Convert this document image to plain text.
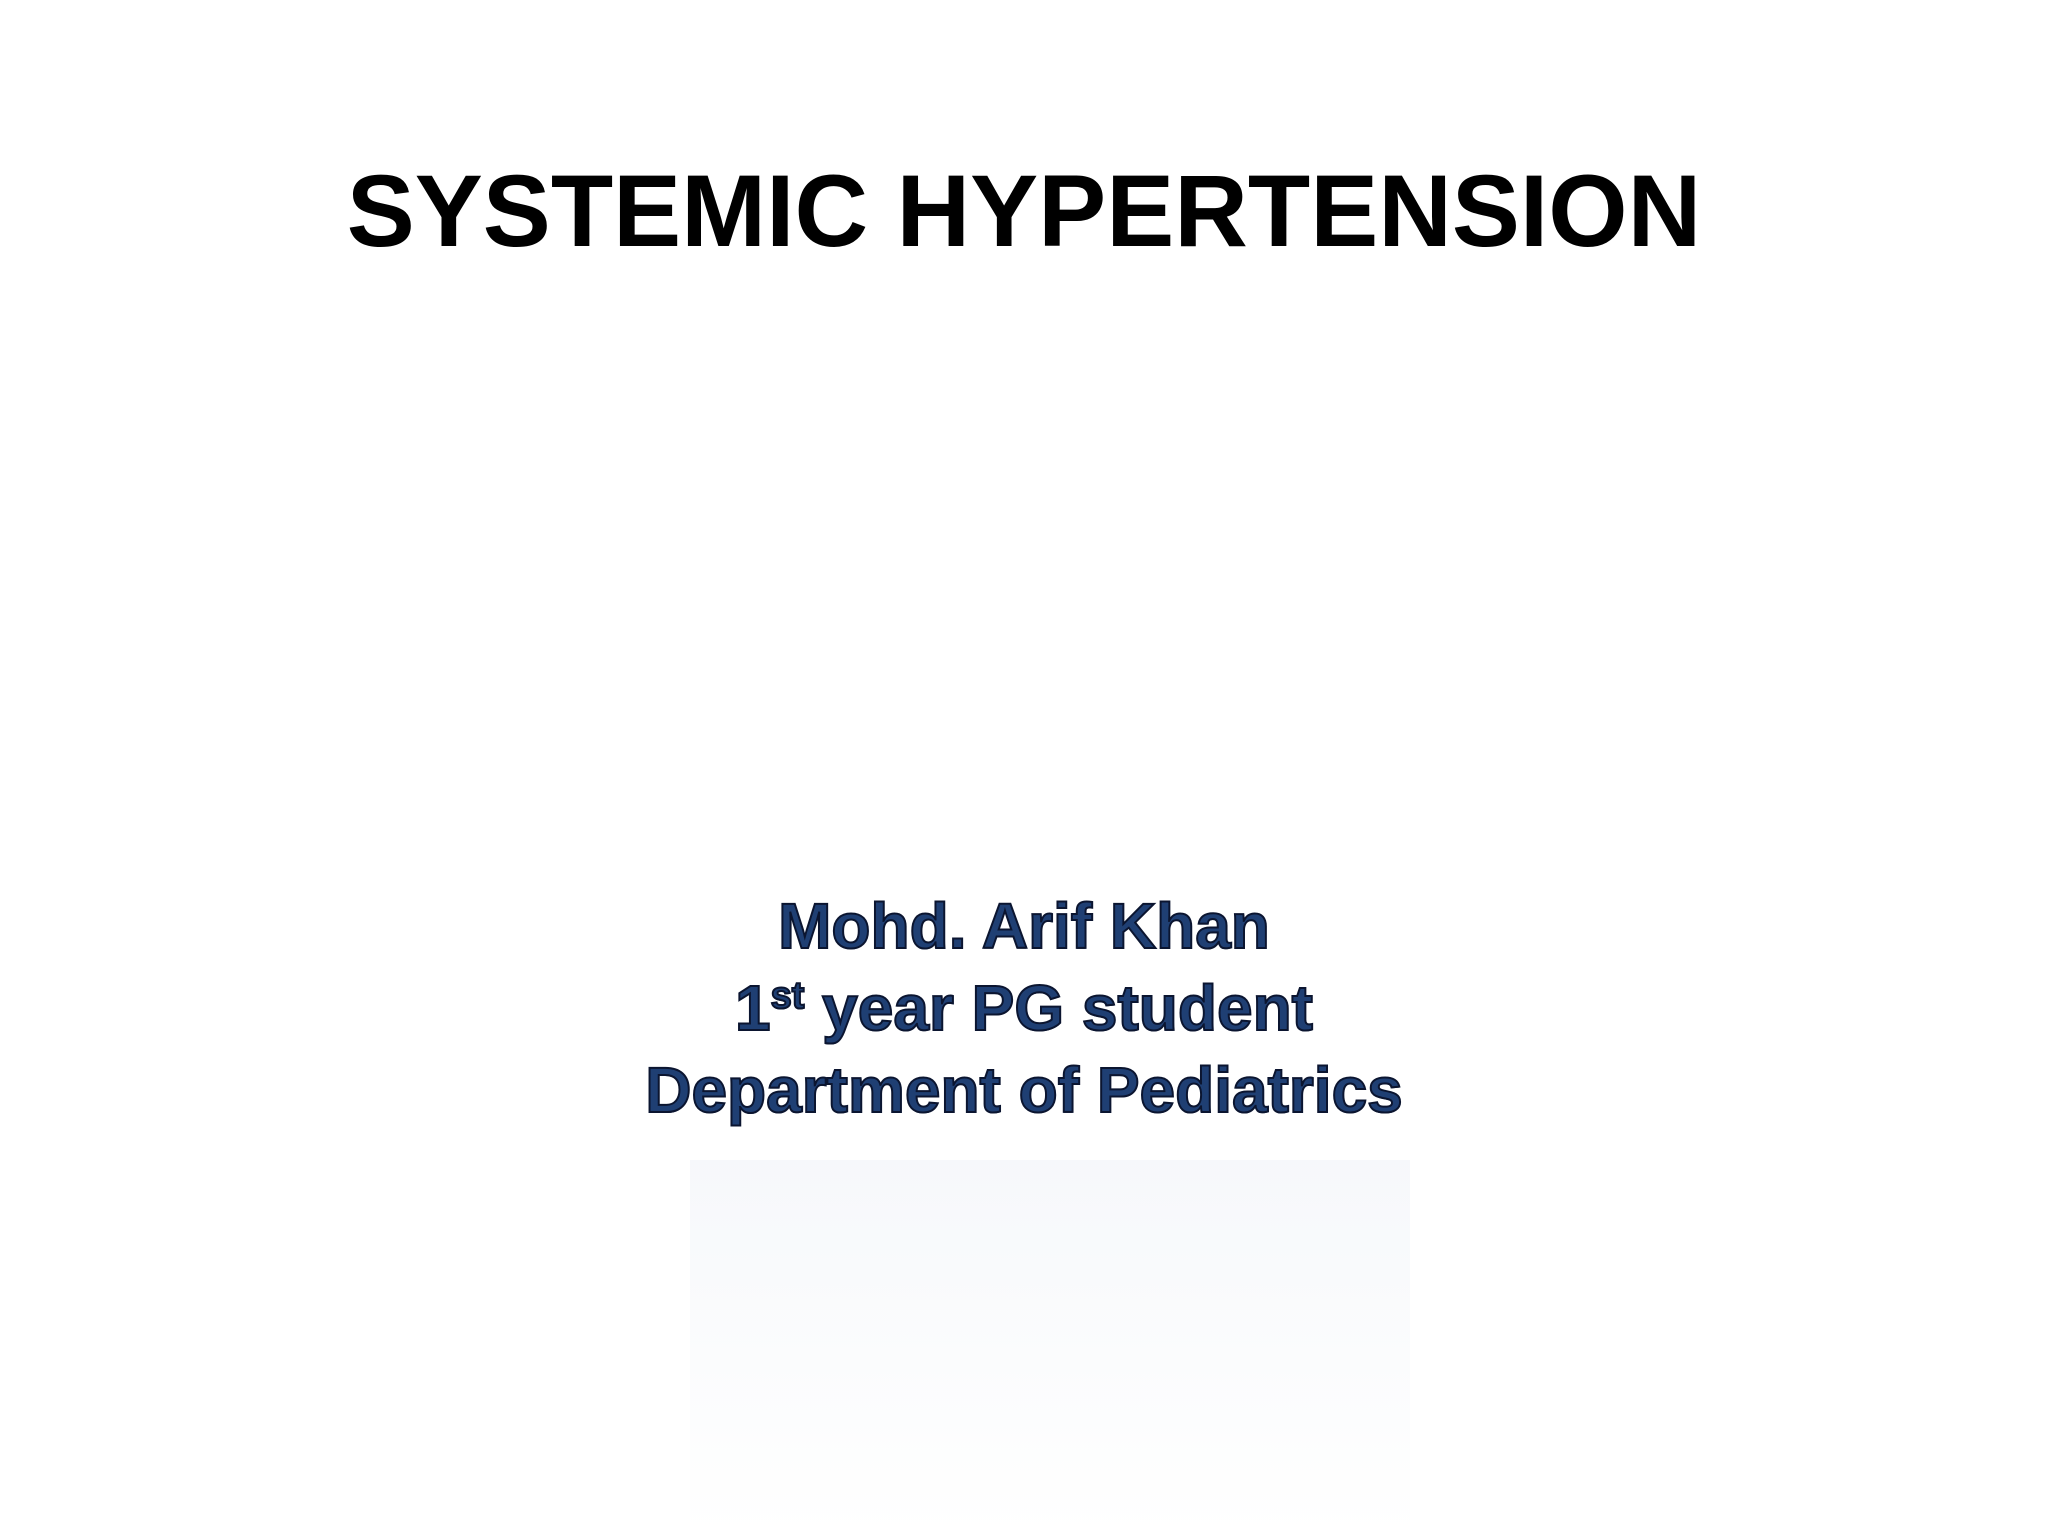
SYSTEMIC HYPERTENSION
Mohd. Arif Khan
1st year PG student
Department of Pediatrics
